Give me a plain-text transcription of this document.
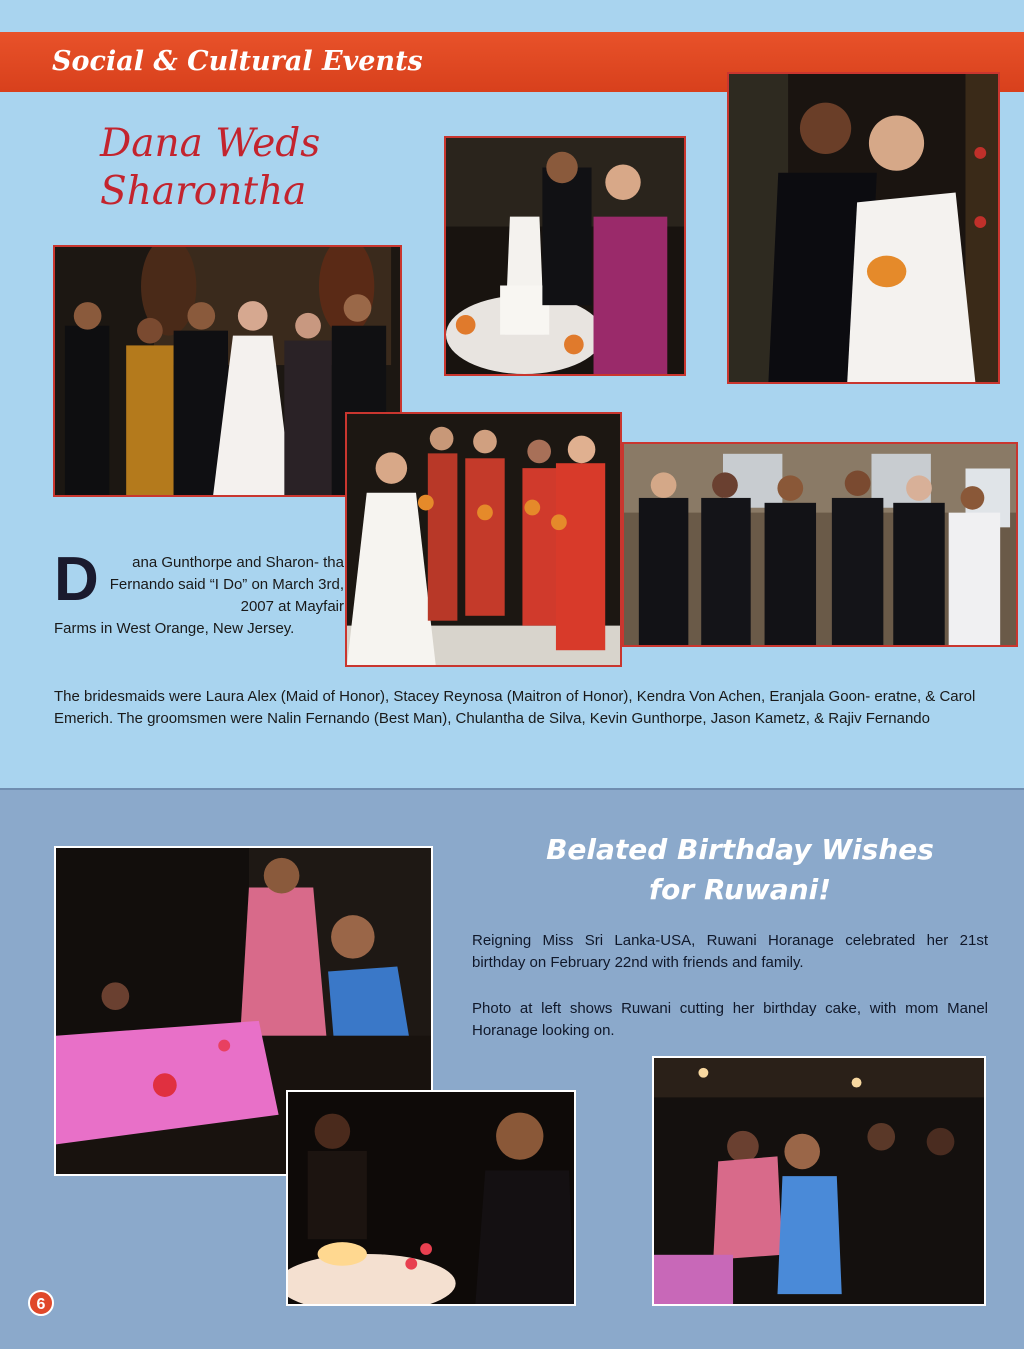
Social & Cultural Events
Dana Weds
Sharontha
D	ana Gunthorpe and Sharon- tha Fernando said “I Do” on March 3rd, 2007 at Mayfair
Farms in West Orange, New Jersey.
The bridesmaids were Laura Alex (Maid of Honor), Stacey Reynosa (Maitron of Honor), Kendra Von Achen, Eranjala Goon- eratne, & Carol Emerich. The groomsmen were Nalin Fernando (Best Man), Chulantha de Silva, Kevin Gunthorpe, Jason Kametz, & Rajiv Fernando
Belated Birthday Wishes
for Ruwani!
Reigning Miss Sri Lanka-USA, Ruwani Horanage celebrated her 21st birthday on February 22nd with friends and family.
Photo at left shows Ruwani cutting her birthday cake, with mom Manel Horanage looking on.
6
